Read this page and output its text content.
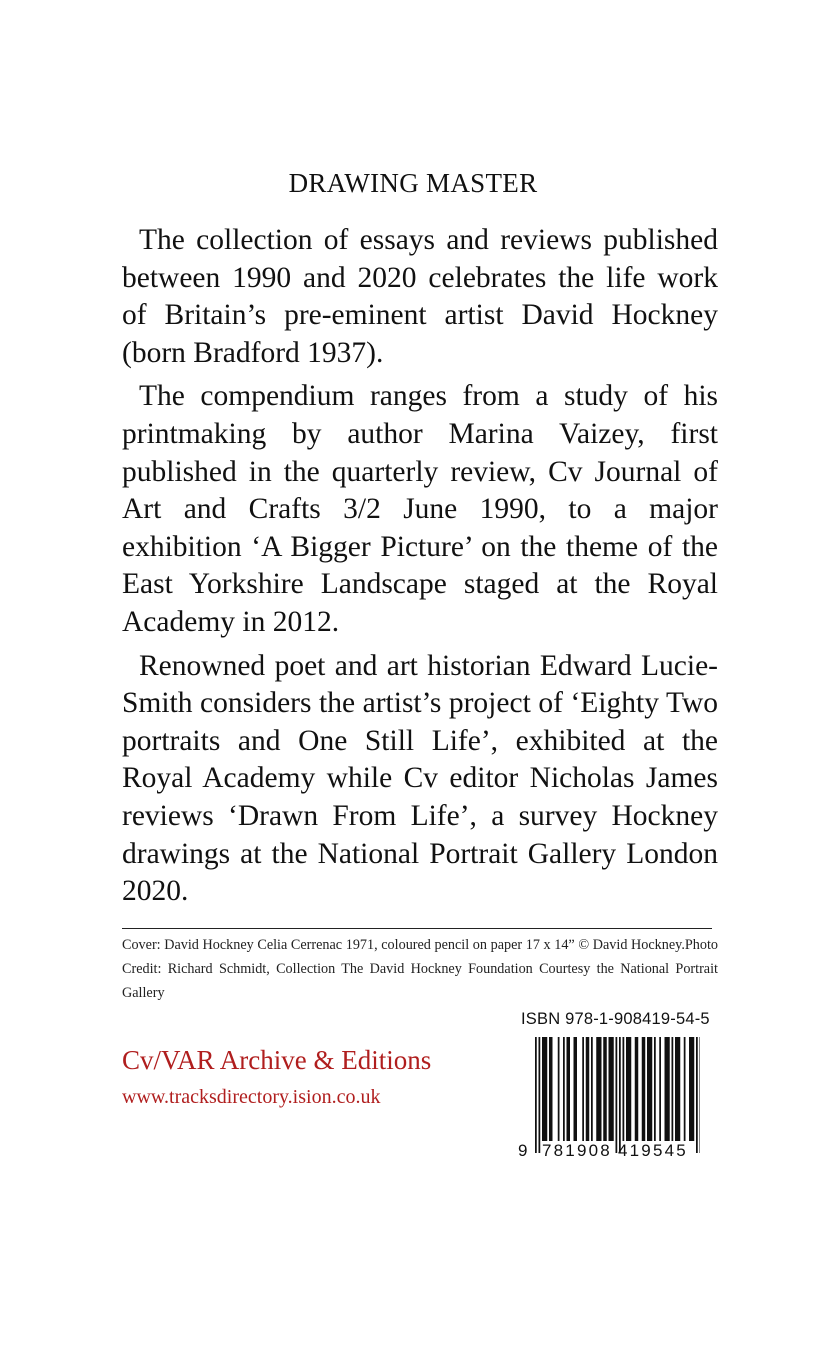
DRAWING MASTER

The collection of essays and reviews published between 1990 and 2020 celebrates the life work of Britain’s pre-eminent artist David Hockney (born Bradford 1937).

The compendium ranges from a study of his printmaking by author Marina Vaizey, first published in the quarterly review, Cv Journal of Art and Crafts 3/2 June 1990, to a major exhibition ‘A Bigger Picture’ on the theme of the East Yorkshire Landscape staged at the Royal Academy in 2012.

Renowned poet and art historian Edward Lucie-Smith considers the artist’s project of ‘Eighty Two portraits and One Still Life’, exhibited at the Royal Academy while Cv editor Nicholas James reviews ‘Drawn From Life’, a survey Hockney drawings at the National Portrait Gallery London 2020.

Cover: David Hockney Celia Cerrenac 1971, coloured pencil on paper 17 x 14” © David Hockney.Photo Credit: Richard Schmidt, Collection The David Hockney Foundation Courtesy the National Portrait Gallery
Cv/VAR Archive & Editions
www.tracksdirectory.ision.co.uk
ISBN 978-1-908419-54-5
9 781908 419545
